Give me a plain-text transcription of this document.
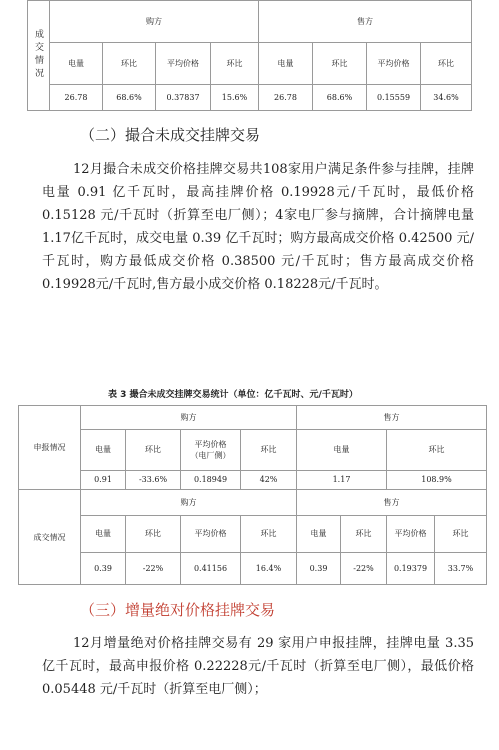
成交情况	购方				售方			
	电量	环比	平均价格	环比	电量	环比	平均价格	环比
	26.78	68.6%	0.37837	15.6%	26.78	68.6%	0.15559	34.6%
（二）撮合未成交挂牌交易

12月撮合未成交价格挂牌交易共108家用户满足条件参与挂牌，挂牌电量 0.91 亿千瓦时，最高挂牌价格 0.19928元/千瓦时，最低价格 0.15128 元/千瓦时（折算至电厂侧）；4家电厂参与摘牌，合计摘牌电量1.17亿千瓦时，成交电量 0.39 亿千瓦时；购方最高成交价格 0.42500 元/千瓦时，购方最低成交价格 0.38500 元/千瓦时；售方最高成交价格 0.19928元/千瓦时,售方最小成交价格 0.18228元/千瓦时。

表 3 撮合未成交挂牌交易统计（单位：亿千瓦时、元/千瓦时）
申报情况	购方				售方			
	电量	环比	平均价格（电厂侧）	环比	电量		环比	
	0.91	-33.6%	0.18949	42%	1.17		108.9%	
成交情况	购方				售方			
	电量	环比	平均价格	环比	电量	环比	平均价格	环比
	0.39	-22%	0.41156	16.4%	0.39	-22%	0.19379	33.7%
（三）增量绝对价格挂牌交易

12月增量绝对价格挂牌交易有 29 家用户申报挂牌，挂牌电量 3.35 亿千瓦时，最高申报价格 0.22228元/千瓦时（折算至电厂侧），最低价格 0.05448 元/千瓦时（折算至电厂侧）；
